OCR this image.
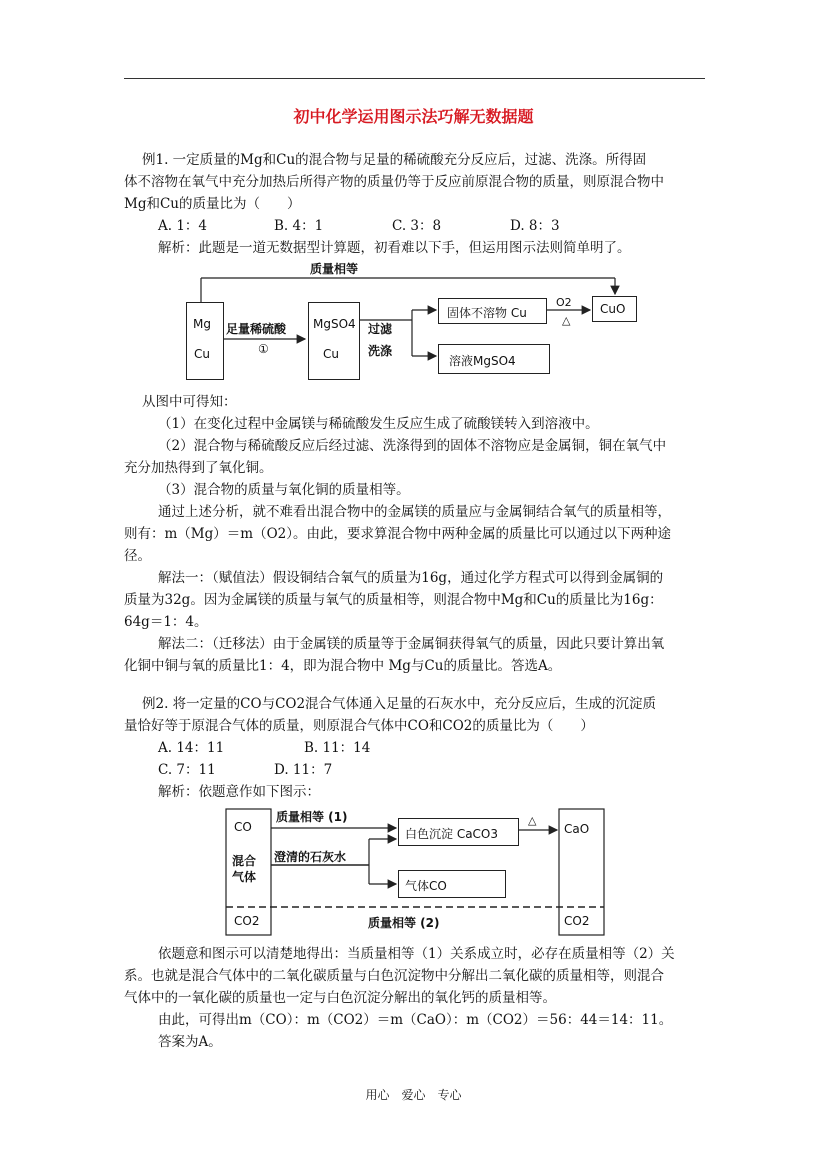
初中化学运用图示法巧解无数据题
例1. 一定质量的Mg和Cu的混合物与足量的稀硫酸充分反应后，过滤、洗涤。所得固
体不溶物在氧气中充分加热后所得产物的质量仍等于反应前原混合物的质量，则原混合物中
Mg和Cu的质量比为（　　）
A. 1：4	B. 4：1	C. 3：8	D. 8：3
解析：此题是一道无数据型计算题，初看难以下手，但运用图示法则简单明了。
质量相等
Mg
Cu
足量稀硫酸
①
MgSO4
Cu
过滤
洗涤
固体不溶物 Cu
O2
△
CuO
溶液MgSO4
从图中可得知：
（1）在变化过程中金属镁与稀硫酸发生反应生成了硫酸镁转入到溶液中。
（2）混合物与稀硫酸反应后经过滤、洗涤得到的固体不溶物应是金属铜，铜在氧气中
充分加热得到了氧化铜。
（3）混合物的质量与氧化铜的质量相等。
通过上述分析，就不难看出混合物中的金属镁的质量应与金属铜结合氧气的质量相等，
则有：m（Mg）＝m（O2）。由此，要求算混合物中两种金属的质量比可以通过以下两种途
径。
解法一：（赋值法）假设铜结合氧气的质量为16g，通过化学方程式可以得到金属铜的
质量为32g。因为金属镁的质量与氧气的质量相等，则混合物中Mg和Cu的质量比为16g：
64g＝1：4。
解法二：（迁移法）由于金属镁的质量等于金属铜获得氧气的质量，因此只要计算出氧
化铜中铜与氧的质量比1：4，即为混合物中 Mg与Cu的质量比。答选A。
例2. 将一定量的CO与CO2混合气体通入足量的石灰水中，充分反应后，生成的沉淀质
量恰好等于原混合气体的质量，则原混合气体中CO和CO2的质量比为（　　）
A. 14：11	B. 11：14
C. 7：11	D. 11：7
解析：依题意作如下图示：
CO
混合
气体
CO2
质量相等 (1)
澄清的石灰水
白色沉淀 CaCO3
△
CaO
气体CO
质量相等 (2)	CO2
依题意和图示可以清楚地得出：当质量相等（1）关系成立时，必存在质量相等（2）关
系。也就是混合气体中的二氧化碳质量与白色沉淀物中分解出二氧化碳的质量相等，则混合
气体中的一氧化碳的质量也一定与白色沉淀分解出的氧化钙的质量相等。
由此，可得出m（CO）：m（CO2）＝m（CaO）：m（CO2）＝56：44＝14：11。
答案为A。
用心　爱心　专心
